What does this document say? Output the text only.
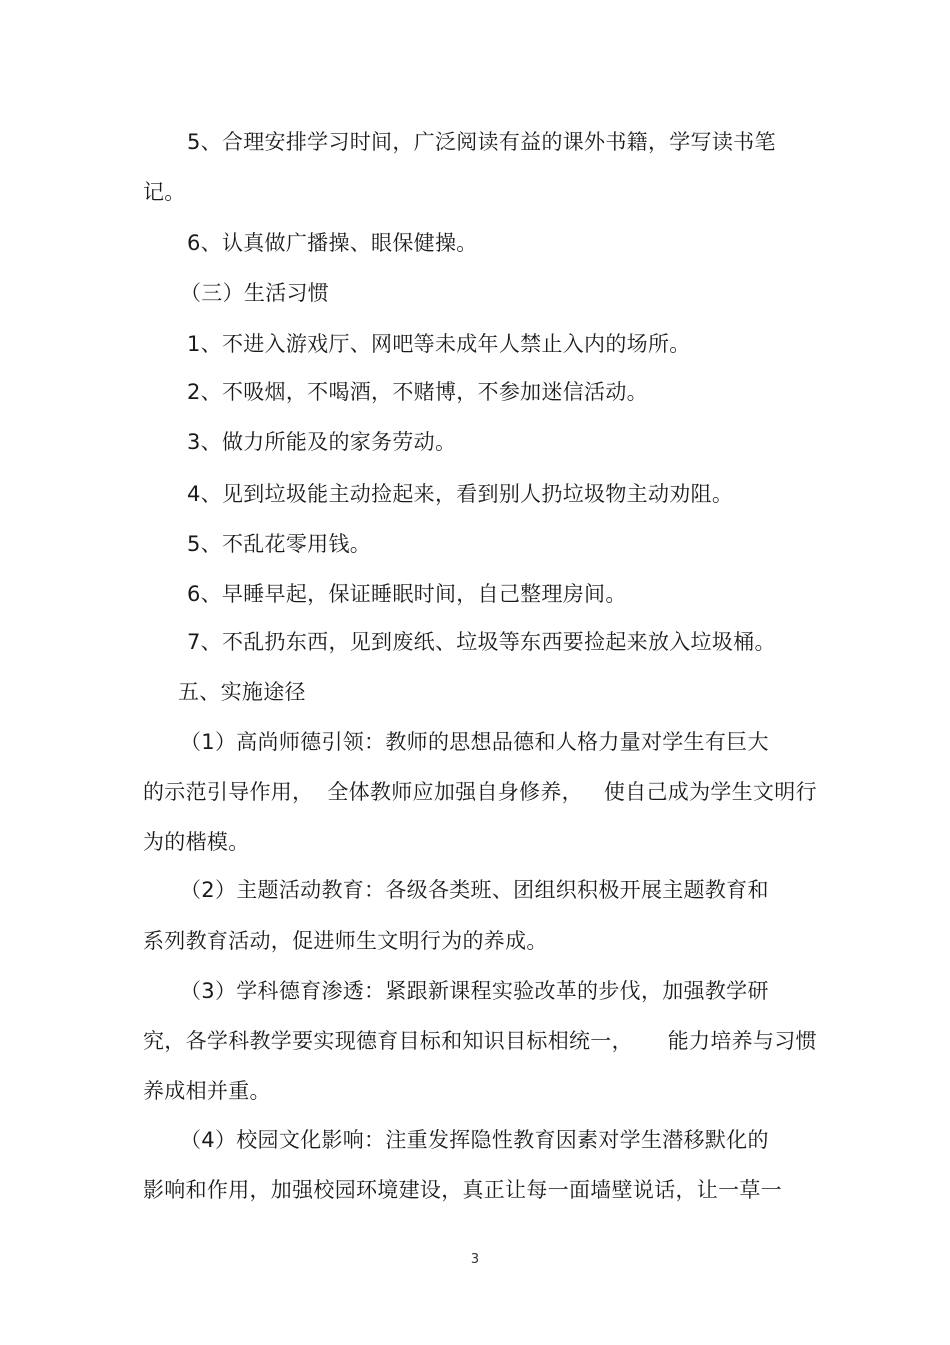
5、合理安排学习时间，广泛阅读有益的课外书籍，学写读书笔
记。
6、认真做广播操、眼保健操。
（三）生活习惯
1、不进入游戏厅、网吧等未成年人禁止入内的场所。
2、不吸烟，不喝酒，不赌博，不参加迷信活动。
3、做力所能及的家务劳动。
4、见到垃圾能主动捡起来，看到别人扔垃圾物主动劝阻。
5、不乱花零用钱。
6、早睡早起，保证睡眠时间，自己整理房间。
7、不乱扔东西，见到废纸、垃圾等东西要捡起来放入垃圾桶。
五、实施途径
（1）高尚师德引领：教师的思想品德和人格力量对学生有巨大
的示范引导作用，  全体教师应加强自身修养，   使自己成为学生文明行
为的楷模。
（2）主题活动教育：各级各类班、团组织积极开展主题教育和
系列教育活动，促进师生文明行为的养成。
（3）学科德育渗透：紧跟新课程实验改革的步伐，加强教学研
究，各学科教学要实现德育目标和知识目标相统一，     能力培养与习惯
养成相并重。
（4）校园文化影响：注重发挥隐性教育因素对学生潜移默化的
影响和作用，加强校园环境建设，真正让每一面墙壁说话，让一草一
3
